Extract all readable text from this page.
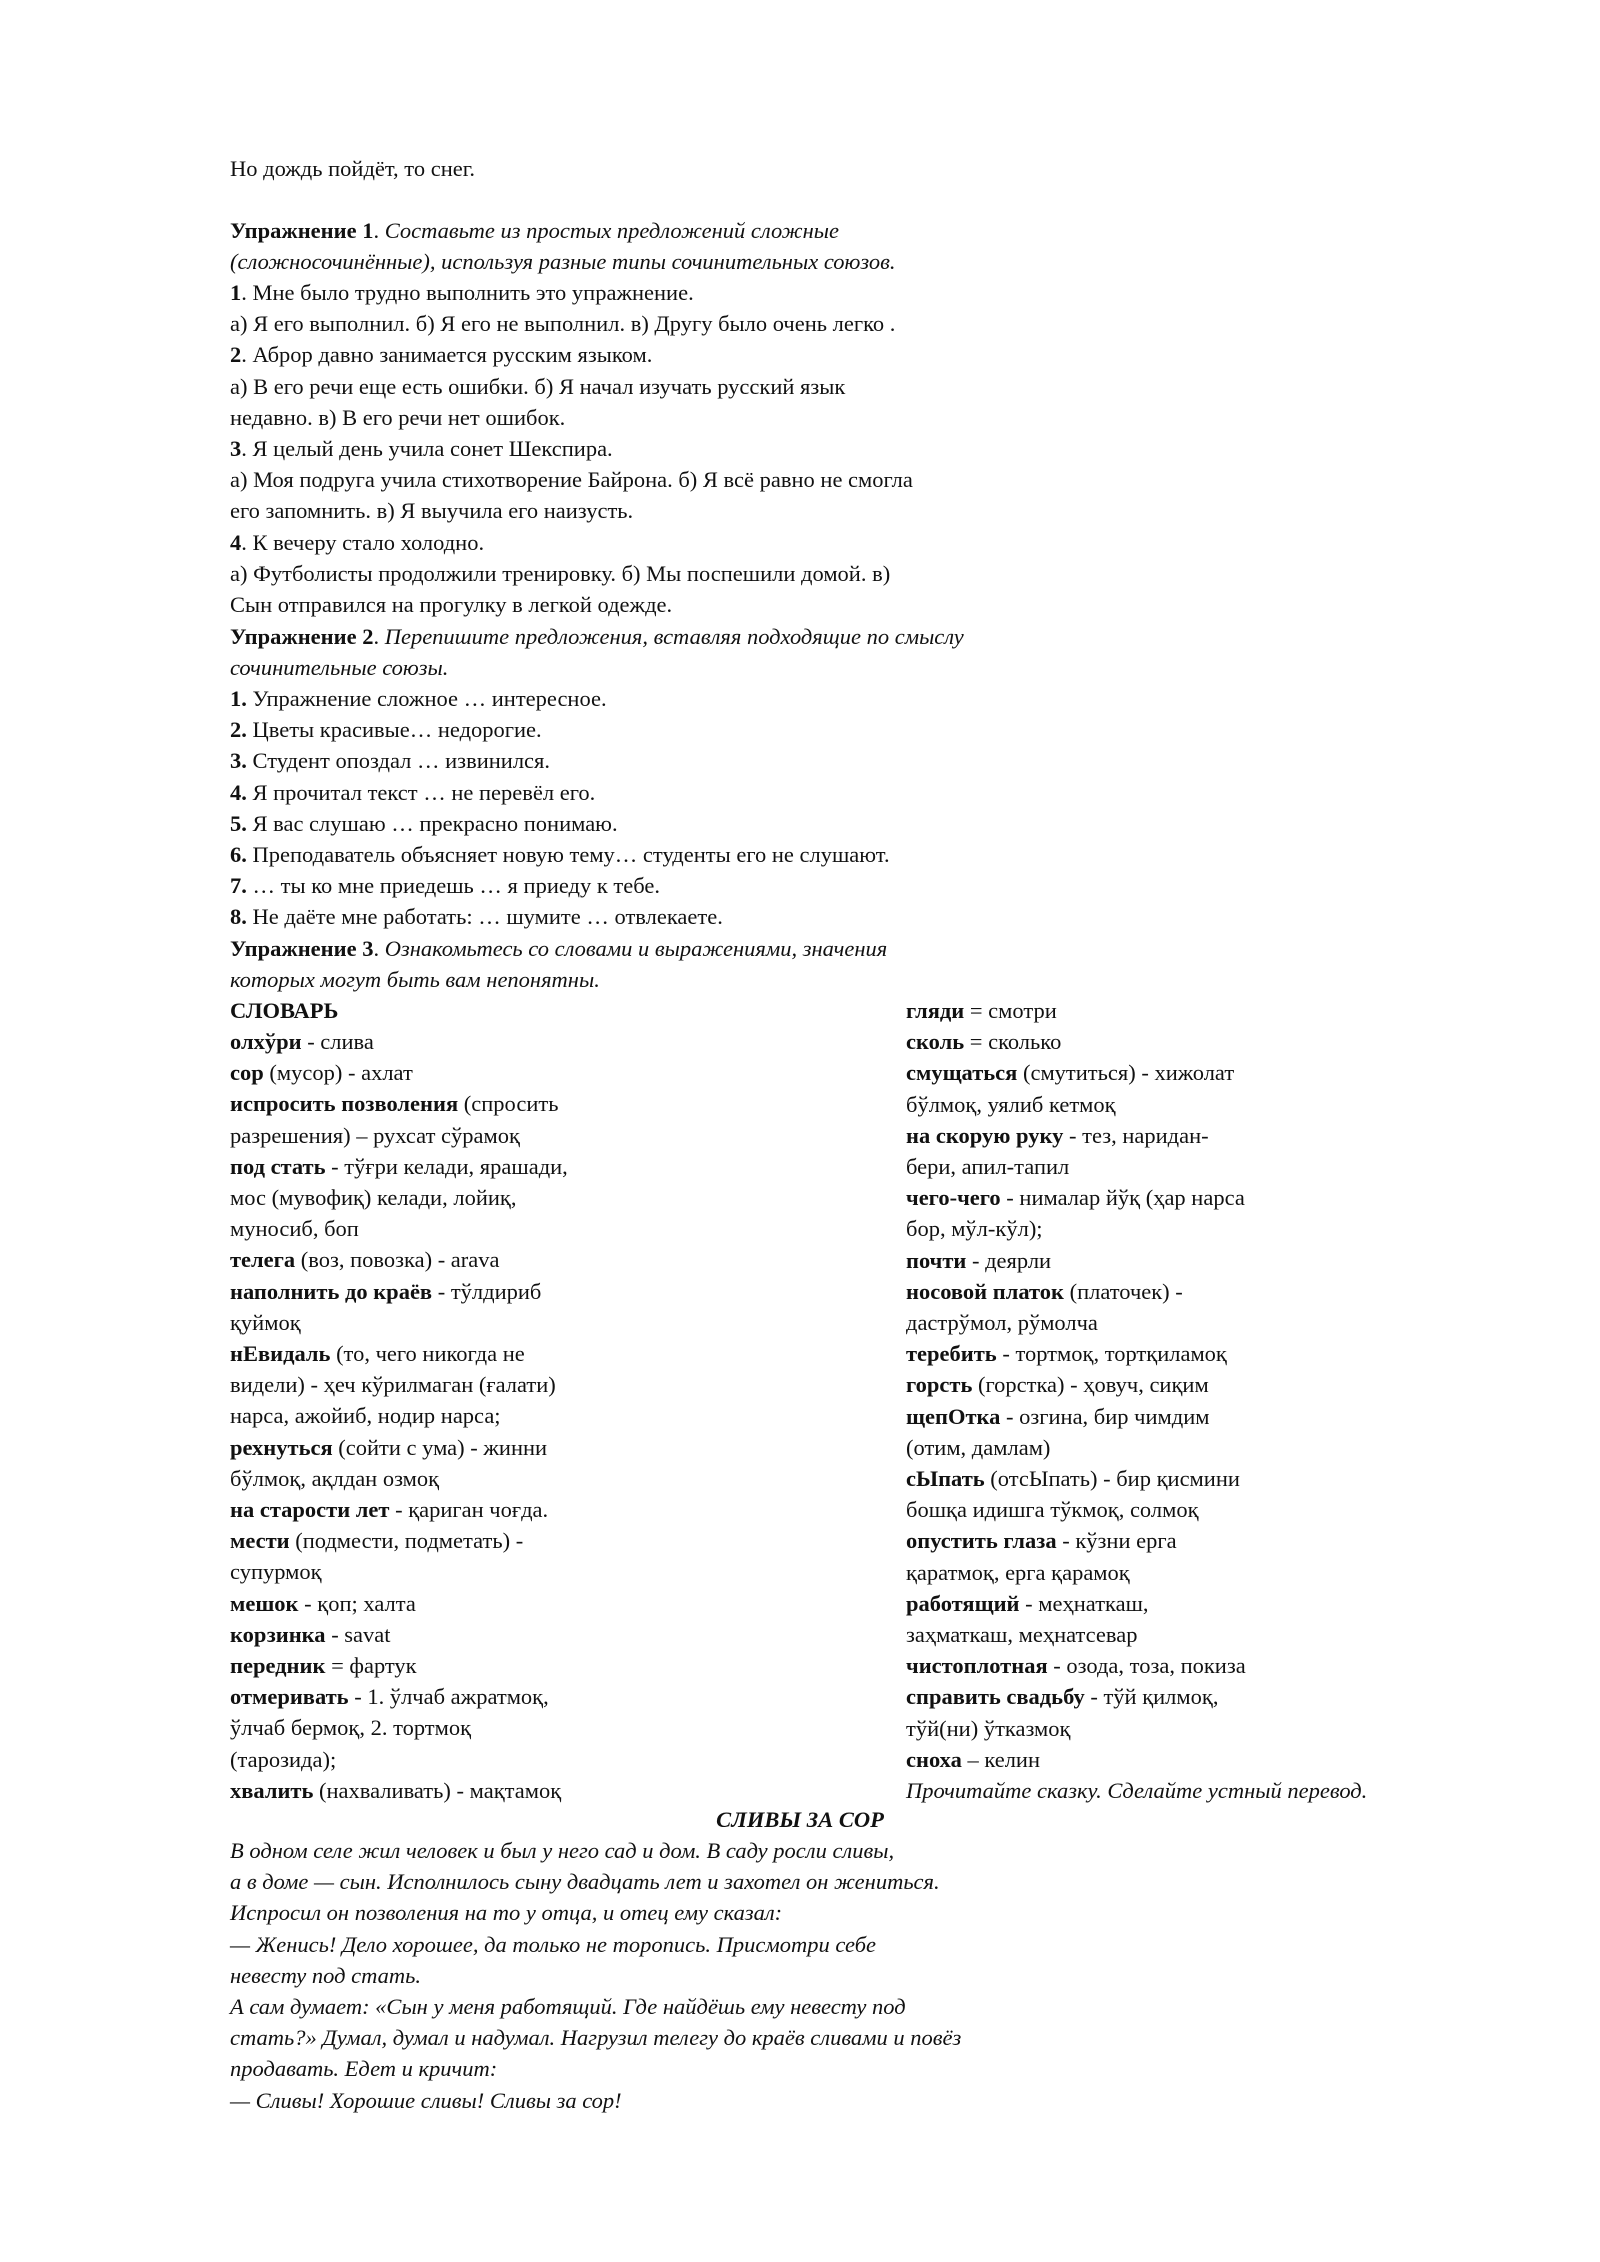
Но дождь пойдёт, то снег.
Упражнение 1. Составьте из простых предложений сложные
(сложносочинённые), используя разные типы сочинительных союзов.
1. Мне было трудно выполнить это упражнение.
а) Я его выполнил. б) Я его не выполнил. в) Другу было очень легко .
2. Аброр давно занимается русским языком.
а) В его речи еще есть ошибки. б) Я начал изучать русский язык
недавно. в) В его речи нет ошибок.
3. Я целый день учила сонет Шекспира.
а) Моя подруга учила стихотворение Байрона. б) Я всё равно не смогла
его запомнить. в) Я выучила его наизусть.
4. К вечеру стало холодно.
а) Футболисты продолжили тренировку. б) Мы поспешили домой. в)
Сын отправился на прогулку в легкой одежде.
Упражнение 2. Перепишите предложения, вставляя подходящие по смыслу
сочинительные союзы.
1. Упражнение сложное … интересное.
2. Цветы красивые… недорогие.
3. Студент опоздал … извинился.
4. Я прочитал текст … не перевёл его.
5. Я вас слушаю … прекрасно понимаю.
6. Преподаватель объясняет новую тему… студенты его не слушают.
7. … ты ко мне приедешь … я приеду к тебе.
8. Не даёте мне работать: … шумите … отвлекаете.
Упражнение 3. Ознакомьтесь со словами и выражениями, значения
которых могут быть вам непонятны.
СЛОВАРЬ
олхўри - слива
сор (мусор) - ахлат
испросить позволения (спросить
разрешения) – рухсат сўрамоқ
под стать - тўғри келади, ярашади,
мос (мувофиқ) келади, лойиқ,
муносиб, боп
телега (воз, повозка) - arava
наполнить до краёв - тўлдириб
қуймоқ
нЕвидаль (то, чего никогда не
видели) - ҳеч кўрилмаган (ғалати)
нарса, ажойиб, нодир нарса;
рехнуться (сойти с ума) - жинни
бўлмоқ, ақлдан озмоқ
на старости лет - қариган чоғда.
мести (подмести, подметать) -
супурмоқ
мешок - қоп; халта
корзинка - savat
передник = фартук
отмеривать - 1. ўлчаб ажратмоқ,
ўлчаб бермоқ, 2. тортмоқ
(тарозида);
хвалить (нахваливать) - мақтамоқ
гляди = смотри
сколь = сколько
смущаться (смутиться) - хижолат
бўлмоқ, уялиб кетмоқ
на скорую руку - тез, наридан-
бери, апил-тапил
чего-чего - нималар йўқ (ҳар нарса
бор, мўл-кўл);
почти - деярли
носовой платок (платочек) -
дастрўмол, рўмолча
теребить - тортмоқ, тортқиламоқ
горсть (горстка) - ҳовуч, сиқим
щепОтка - озгина, бир чимдим
(отим, дамлам)
сЫпать (отсЫпать) - бир қисмини
бошқа идишга тўкмоқ, солмоқ
опустить глаза - кўзни ерга
қаратмоқ, ерга қарамоқ
работящий - меҳнаткаш,
заҳматкаш, меҳнатсевар
чистоплотная - озода, тоза, покиза
справить свадьбу - тўй қилмоқ,
тўй(ни) ўтказмоқ
сноха – келин
Прочитайте сказку. Сделайте устный перевод.
СЛИВЫ ЗА СОР
В одном селе жил человек и был у него сад и дом. В саду росли сливы,
а в доме — сын. Исполнилось сыну двадцать лет и захотел он жениться.
Испросил он позволения на то у отца, и отец ему сказал:
— Женись! Дело хорошее, да только не торопись. Присмотри себе
невесту под стать.
А сам думает: «Сын у меня работящий. Где найдёшь ему невесту под
стать?» Думал, думал и надумал. Нагрузил телегу до краёв сливами и повёз
продавать. Едет и кричит:
— Сливы! Хорошие сливы! Сливы за сор!
